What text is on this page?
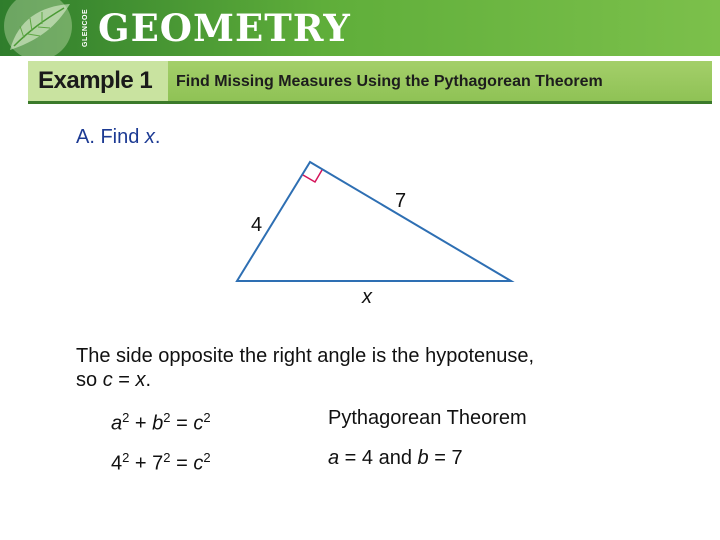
GLENCOE GEOMETRY
Example 1 Find Missing Measures Using the Pythagorean Theorem
A. Find x.
4
7
x
The side opposite the right angle is the hypotenuse,
so c = x.
$a^2 + b^2 = c^2$	Pythagorean Theorem
$4^2 + 7^2 = c^2$	a = 4 and b = 7
